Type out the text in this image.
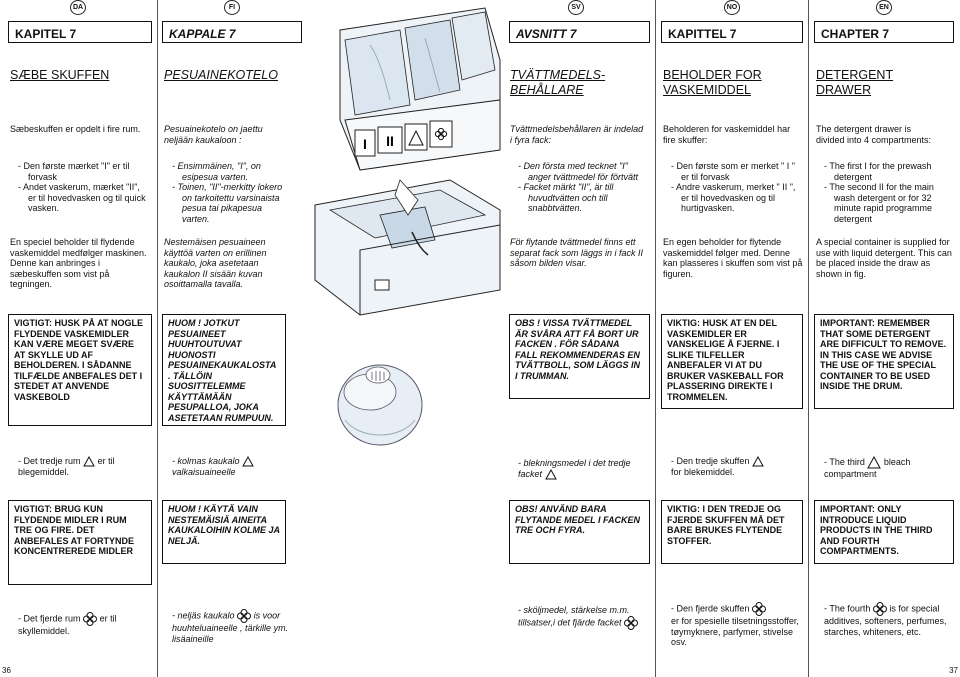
DA	FI	SV	NO	EN
KAPITEL 7	KAPPALE 7	AVSNITT 7	KAPITTEL 7	CHAPTER 7
SÆBE SKUFFEN	PESUAINEKOTELO	TVÄTTMEDELS-BEHÅLLARE
BEHOLDER FOR VASKEMIDDEL
DETERGENT DRAWER
Sæbeskuffen er opdelt i fire rum.	Pesuainekotelo on jaettu neljään kaukaloon :
Tvättmedelsbehållaren är indelad i fyra fack:
Beholderen for vaskemiddel har fire skuffer:
The detergent drawer is divided into 4 compartments:
- Den første mærket "I" er til forvask
- Andet vaskerum, mærket "II", er til hovedvasken og til quick vasken.
- Ensimmäinen, "I", on esipesua varten.
- Toinen, "II"-merkitty lokero on tarkoitettu varsinaista pesua tai pikapesua varten.
- Den första med tecknet "I" anger tvättmedel för förtvätt
- Facket märkt "II", är till huvudtvätten och till snabbtvätten.
- Den første som er merket " I " er til forvask
- Andre vaskerum, merket " II ", er til hovedvasken og til hurtigvasken.
- The first I for the prewash detergent
- The second II for the main wash detergent or for 32 minute rapid programme detergent
En speciel beholder til flydende vaskemiddel medfølger maskinen. Denne kan anbringes i sæbeskuffen som vist på tegningen.
Nestemäisen pesuaineen käyttöä varten on erillinen kaukalo, joka asetetaan kaukalon II sisään kuvan osoittamalla tavalla.
För flytande tvättmedel finns ett separat fack som läggs in i fack II såsom bilden visar.
En egen beholder for flytende vaskemiddel følger med. Denne kan plasseres i skuffen som vist på figuren.
A special container is supplied for use with liquid detergent. This can be placed inside the draw as shown in fig.
VIGTIGT: HUSK PÅ AT NOGLE FLYDENDE VASKEMIDLER KAN VÆRE MEGET SVÆRE AT SKYLLE UD AF BEHOLDEREN. I SÅDANNE TILFÆLDE ANBEFALES DET I STEDET AT ANVENDE VASKEBOLD
HUOM ! JOTKUT PESUAINEET HUUHTOUTUVAT HUONOSTI PESUAINEKAUKALOSTA . TÄLLÖIN SUOSITTELEMME KÄYTTÄMÄÄN PESUPALLOA, JOKA ASETETAAN RUMPUUN.
OBS ! VISSA TVÄTTMEDEL ÄR SVÅRA ATT FÅ BORT UR FACKEN . FÖR SÅDANA FALL REKOMMENDERAS EN TVÄTTBOLL, SOM LÄGGS IN I TRUMMAN.
VIKTIG: HUSK AT EN DEL VASKEMIDLER ER VANSKELIGE Å FJERNE. I SLIKE TILFELLER ANBEFALER VI AT DU BRUKER VASKEBALL FOR PLASSERING DIREKTE I TROMMELEN.
IMPORTANT: REMEMBER THAT SOME DETERGENT ARE DIFFICULT TO REMOVE. IN THIS CASE WE ADVISE THE USE OF THE SPECIAL CONTAINER TO BE USED INSIDE THE DRUM.
- Det tredje rum er til blegemiddel.
- kolmas kaukalo
valkaisuaineelle
- blekningsmedel i det tredje facket
- Den tredje skuffen
for blekemiddel.
- The third bleach compartment
VIGTIGT: BRUG KUN FLYDENDE MIDLER I RUM TRE OG FIRE. DET ANBEFALES AT FORTYNDE KONCENTREREDE MIDLER
HUOM ! KÄYTÄ VAIN NESTEMÄISIÄ AINEITA KAUKALOIHIN KOLME JA NELJÄ.
OBS! ANVÄND BARA FLYTANDE MEDEL I FACKEN TRE OCH FYRA.
VIKTIG: I DEN TREDJE OG FJERDE SKUFFEN MÅ DET BARE BRUKES FLYTENDE STOFFER.
IMPORTANT: ONLY INTRODUCE LIQUID PRODUCTS IN THE THIRD AND FOURTH COMPARTMENTS.
- Det fjerde rum er til skyllemiddel.
- neljäs kaukalo is voor huuhteluaineelle , tärkille ym. lisäaineille
- sköljmedel, stärkelse m.m. tillsatser,i det fjärde facket
- Den fjerde skuffen
er for spesielle tilsetningsstoffer, tøymyknere, parfymer, stivelse osv.
- The fourth is for special additives, softeners, perfumes, starches, whiteners, etc.
I II
36	37
